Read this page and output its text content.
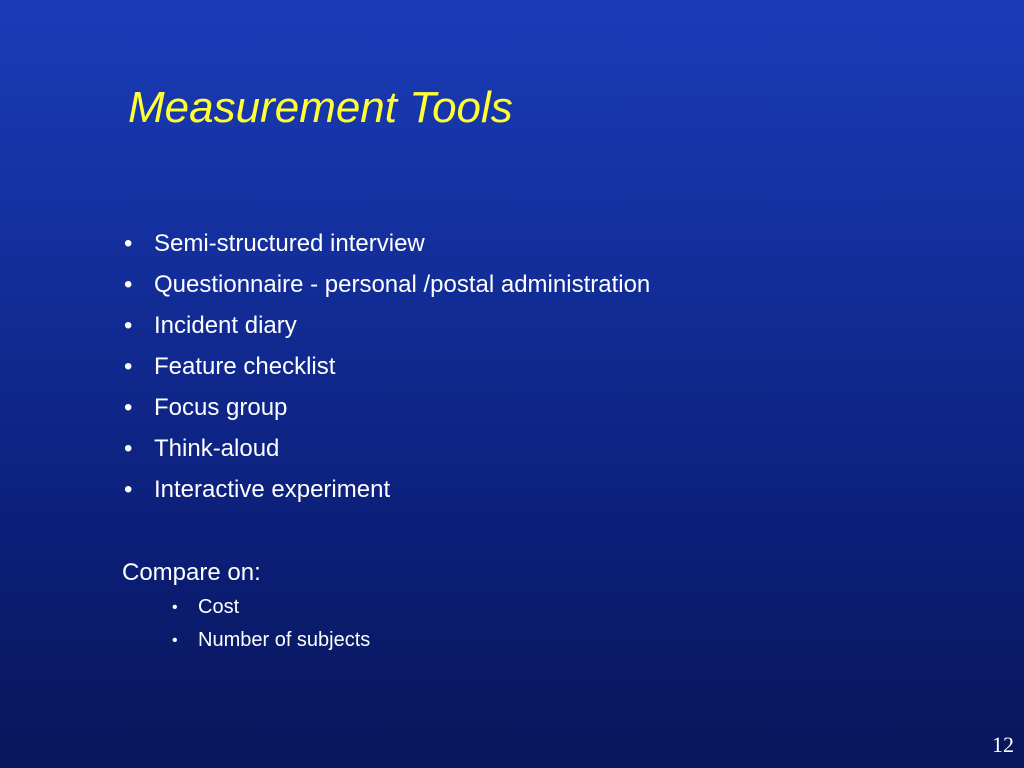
Measurement Tools
• Semi-structured interview
• Questionnaire - personal /postal administration
• Incident diary
• Feature checklist
• Focus group
• Think-aloud
• Interactive experiment
Compare on:
• Cost
• Number of subjects
12
